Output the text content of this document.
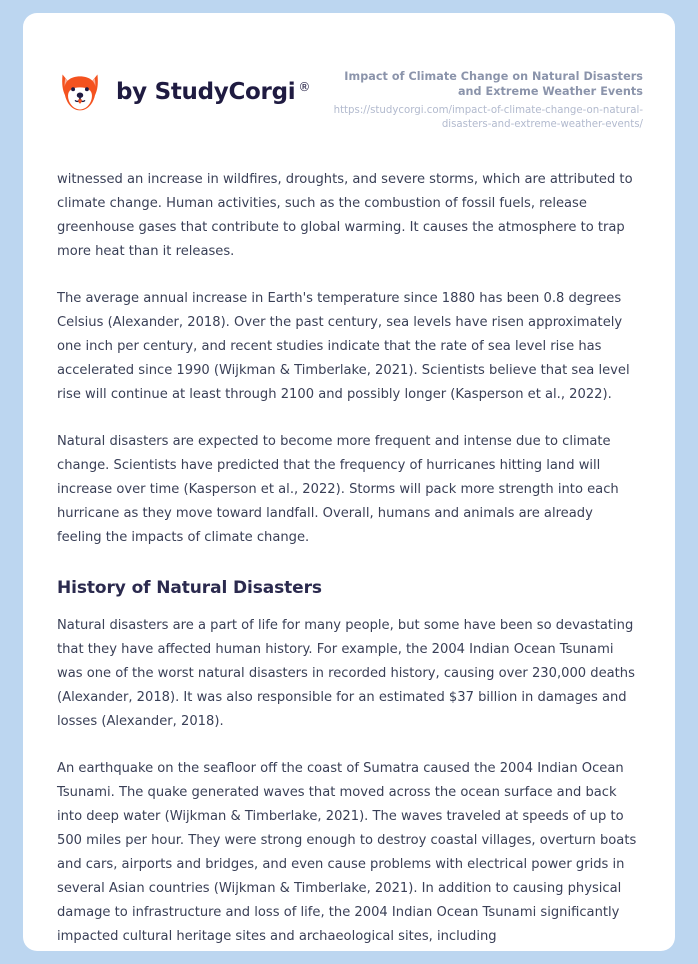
by StudyCorgi ®
Impact of Climate Change on Natural Disasters and Extreme Weather Events
https://studycorgi.com/impact-of-climate-change-on-natural-disasters-and-extreme-weather-events/

witnessed an increase in wildfires, droughts, and severe storms, which are attributed to climate change. Human activities, such as the combustion of fossil fuels, release greenhouse gases that contribute to global warming. It causes the atmosphere to trap more heat than it releases.

The average annual increase in Earth's temperature since 1880 has been 0.8 degrees Celsius (Alexander, 2018). Over the past century, sea levels have risen approximately one inch per century, and recent studies indicate that the rate of sea level rise has accelerated since 1990 (Wijkman & Timberlake, 2021). Scientists believe that sea level rise will continue at least through 2100 and possibly longer (Kasperson et al., 2022).

Natural disasters are expected to become more frequent and intense due to climate change. Scientists have predicted that the frequency of hurricanes hitting land will increase over time (Kasperson et al., 2022). Storms will pack more strength into each hurricane as they move toward landfall. Overall, humans and animals are already feeling the impacts of climate change.

History of Natural Disasters

Natural disasters are a part of life for many people, but some have been so devastating that they have affected human history. For example, the 2004 Indian Ocean Tsunami was one of the worst natural disasters in recorded history, causing over 230,000 deaths (Alexander, 2018). It was also responsible for an estimated $37 billion in damages and losses (Alexander, 2018).

An earthquake on the seafloor off the coast of Sumatra caused the 2004 Indian Ocean Tsunami. The quake generated waves that moved across the ocean surface and back into deep water (Wijkman & Timberlake, 2021). The waves traveled at speeds of up to 500 miles per hour. They were strong enough to destroy coastal villages, overturn boats and cars, airports and bridges, and even cause problems with electrical power grids in several Asian countries (Wijkman & Timberlake, 2021). In addition to causing physical damage to infrastructure and loss of life, the 2004 Indian Ocean Tsunami significantly impacted cultural heritage sites and archaeological sites, including
